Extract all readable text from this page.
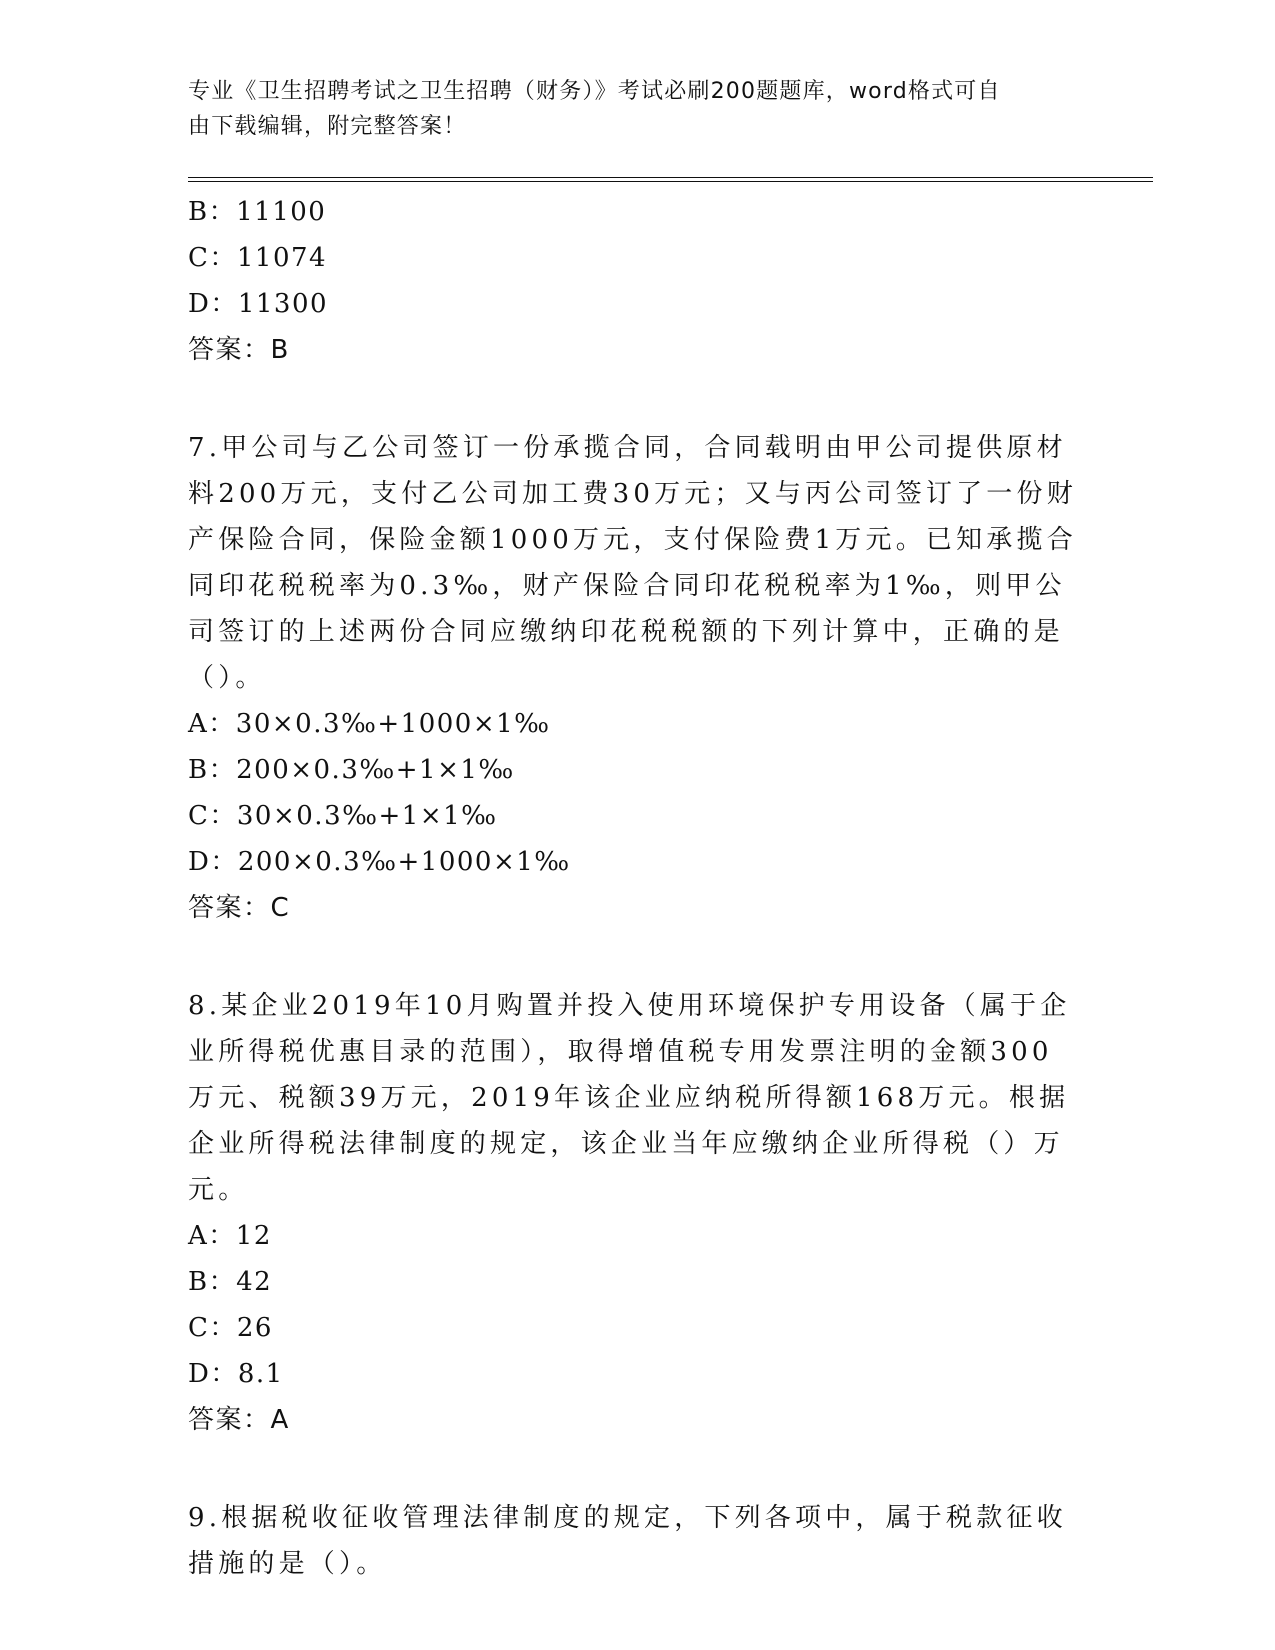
专业《卫生招聘考试之卫生招聘（财务）》考试必刷200题题库，word格式可自
由下载编辑，附完整答案！
B：11100
C：11074
D：11300
答案：B
7.甲公司与乙公司签订一份承揽合同，合同载明由甲公司提供原材料200万元，支付乙公司加工费30万元；又与丙公司签订了一份财产保险合同，保险金额1000万元，支付保险费1万元。已知承揽合同印花税税率为0.3‰，财产保险合同印花税税率为1‰，则甲公司签订的上述两份合同应缴纳印花税税额的下列计算中，正确的是（）。
A：30×0.3‰+1000×1‰
B：200×0.3‰+1×1‰
C：30×0.3‰+1×1‰
D：200×0.3‰+1000×1‰
答案：C
8.某企业2019年10月购置并投入使用环境保护专用设备（属于企业所得税优惠目录的范围），取得增值税专用发票注明的金额300万元、税额39万元，2019年该企业应纳税所得额168万元。根据企业所得税法律制度的规定，该企业当年应缴纳企业所得税（）万元。
A：12
B：42
C：26
D：8.1
答案：A
9.根据税收征收管理法律制度的规定，下列各项中，属于税款征收措施的是（）。
